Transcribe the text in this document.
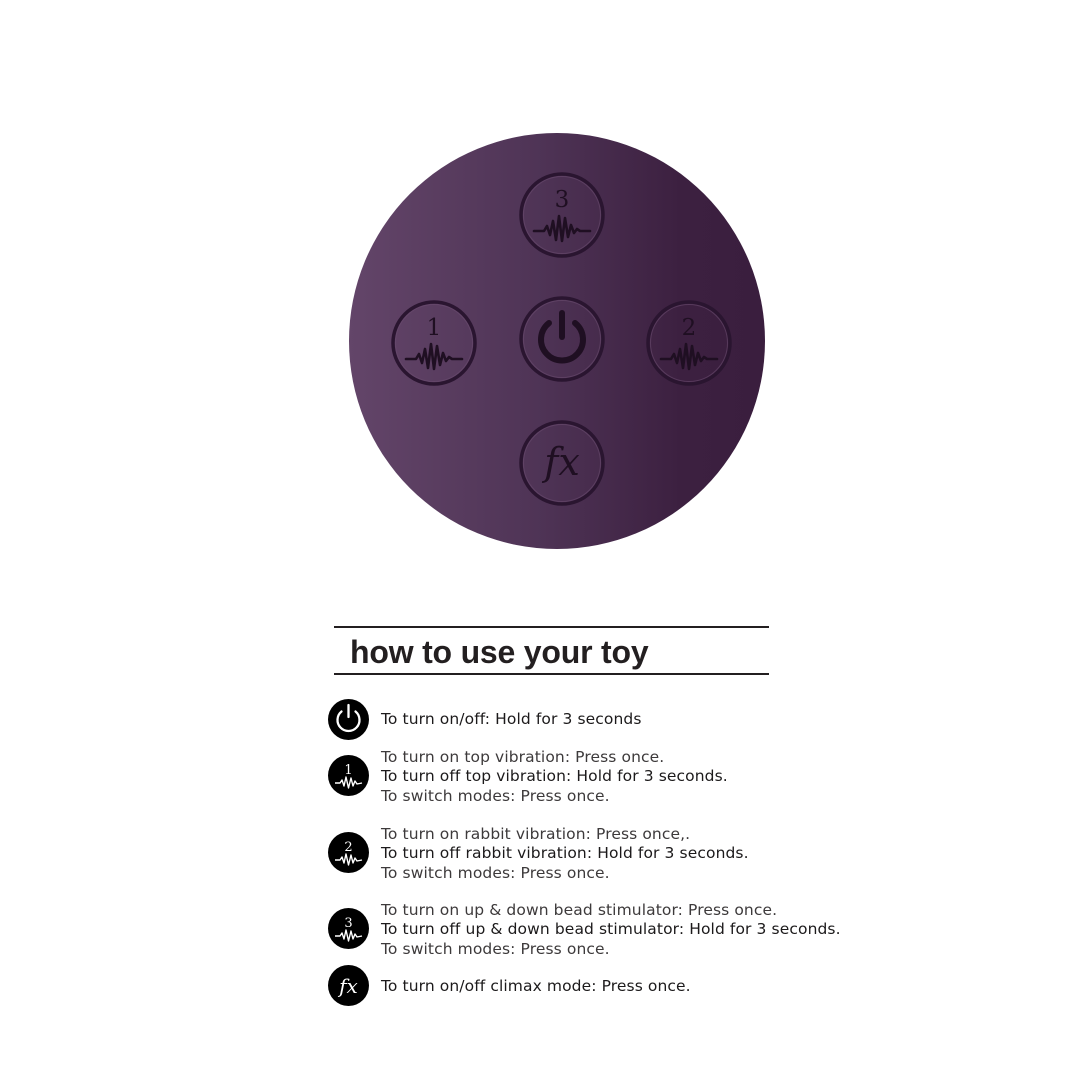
3
1	2
fx
how to use your toy
To turn on/off: Hold for 3 seconds
1
To turn on top vibration: Press once.
To turn off top vibration: Hold for 3 seconds.
To switch modes: Press once.
2
To turn on rabbit vibration: Press once,.
To turn off rabbit vibration: Hold for 3 seconds.
To switch modes: Press once.
3
To turn on up & down bead stimulator: Press once.
To turn off up & down bead stimulator: Hold for 3 seconds.
To switch modes: Press once.
fx To turn on/off climax mode: Press once.
